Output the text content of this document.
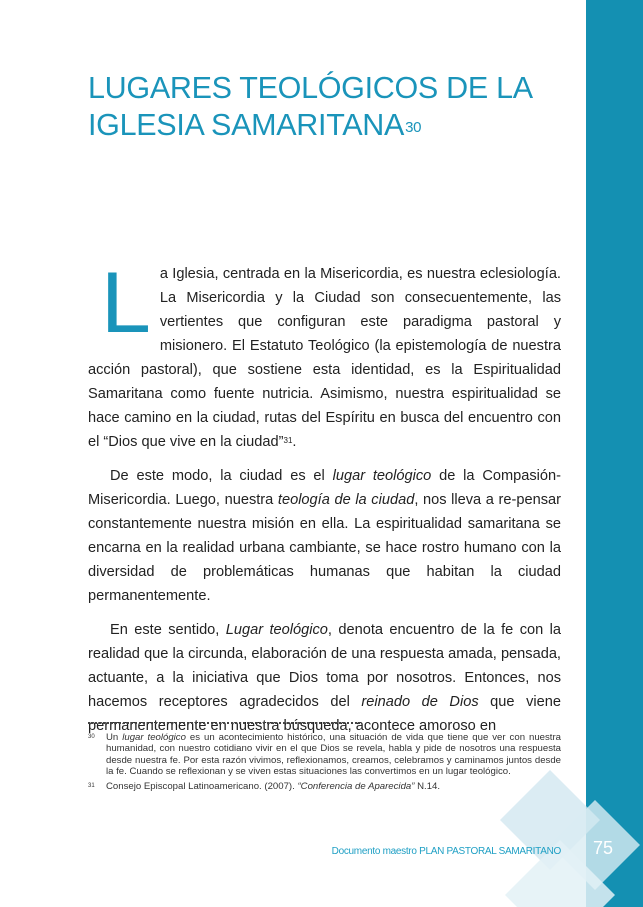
LUGARES TEOLÓGICOS DE LA IGLESIA SAMARITANA$^{30}$

La Iglesia, centrada en la Misericordia, es nuestra eclesiología. La Misericordia y la Ciudad son consecuentemente, las vertientes que configuran este paradigma pastoral y misionero. El Estatuto Teológico (la epistemología de nuestra acción pastoral), que sostiene esta identidad, es la Espiritualidad Samaritana como fuente nutricia. Asimismo, nuestra espiritualidad se hace camino en la ciudad, rutas del Espíritu en busca del encuentro con el “Dios que vive en la ciudad”$^{31}$.

De este modo, la ciudad es el lugar teológico de la Compasión-Misericordia. Luego, nuestra teología de la ciudad, nos lleva a re-pensar constantemente nuestra misión en ella. La espiritualidad samaritana se encarna en la realidad urbana cambiante, se hace rostro humano con la diversidad de problemáticas humanas que habitan la ciudad permanentemente.

En este sentido, Lugar teológico, denota encuentro de la fe con la realidad que la circunda, elaboración de una respuesta amada, pensada, actuante, a la iniciativa que Dios toma por nosotros. Entonces, nos hacemos receptores agradecidos del reinado de Dios que viene permanentemente en nuestra búsqueda, acontece amoroso en

30 Un lugar teológico es un acontecimiento histórico, una situación de vida que tiene que ver con nuestra humanidad, con nuestro cotidiano vivir en el que Dios se revela, habla y pide de nosotros una respuesta desde nuestra fe. Por esta razón vivimos, reflexionamos, creamos, celebramos y caminamos juntos desde la fe. Cuando se reflexionan y se viven estas situaciones las convertimos en un lugar teológico.
31 Consejo Episcopal Latinoamericano. (2007). “Conferencia de Aparecida” N.14.
Documento maestro PLAN PASTORAL SAMARITANO	75
